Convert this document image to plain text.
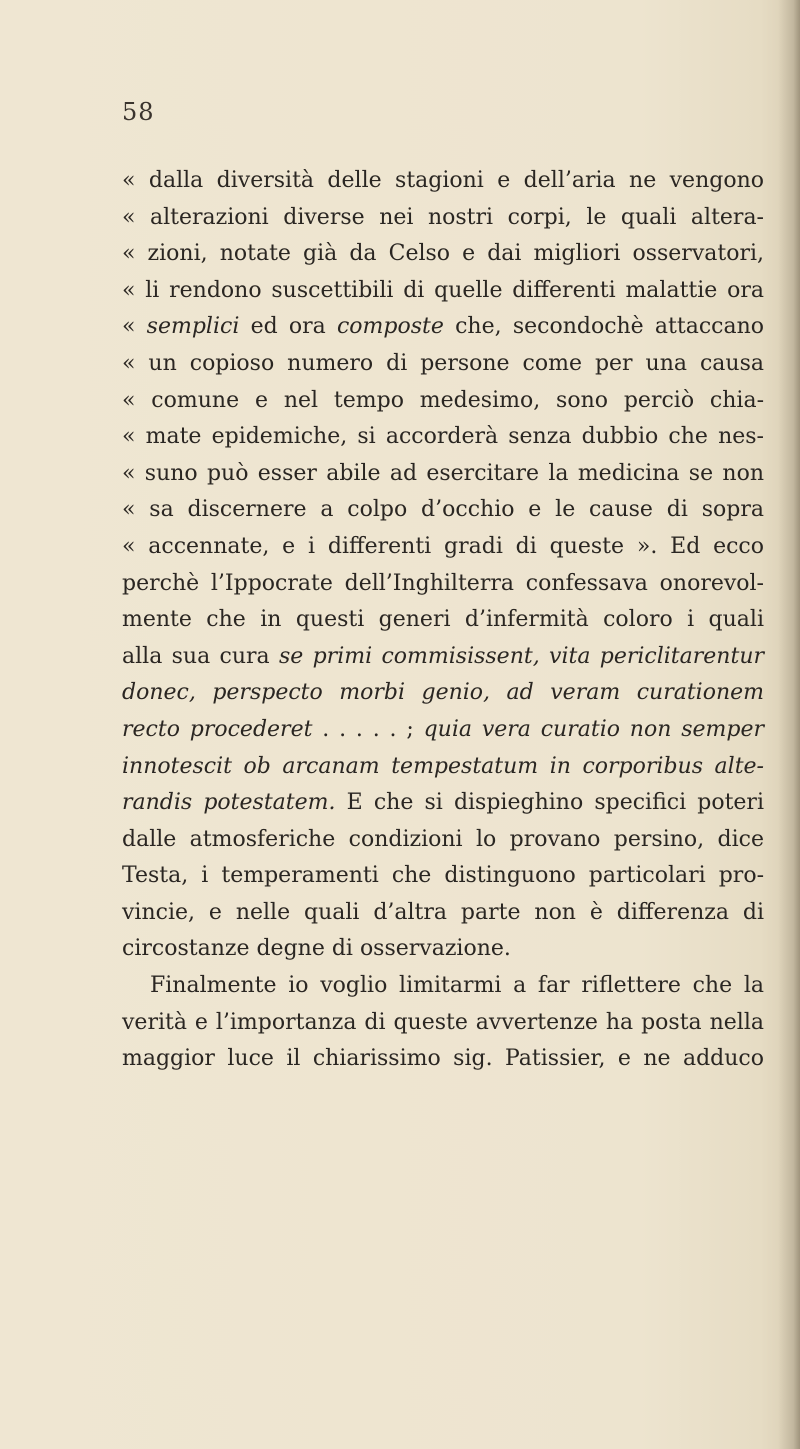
58

« dalla diversità delle stagioni e dell’aria ne vengono
« alterazioni diverse nei nostri corpi, le quali altera-
« zioni, notate già da Celso e dai migliori osservatori,
« li rendono suscettibili di quelle differenti malattie ora
« semplici ed ora composte che, secondochè attaccano
« un copioso numero di persone come per una causa
« comune e nel tempo medesimo, sono perciò chia-
« mate epidemiche, si accorderà senza dubbio che nes-
« suno può esser abile ad esercitare la medicina se non
« sa discernere a colpo d’occhio e le cause di sopra
« accennate, e i differenti gradi di queste ». Ed ecco
perchè l’Ippocrate dell’Inghilterra confessava onorevol-
mente che in questi generi d’infermità coloro i quali
alla sua cura se primi commisissent, vita periclitarentur
donec, perspecto morbi genio, ad veram curationem
recto procederet . . . . . ; quia vera curatio non semper
innotescit ob arcanam tempestatum in corporibus alte-
randis potestatem. E che si dispieghino specifici poteri
dalle atmosferiche condizioni lo provano persino, dice
Testa, i temperamenti che distinguono particolari pro-
vincie, e nelle quali d’altra parte non è differenza di
circostanze degne di osservazione.
Finalmente io voglio limitarmi a far riflettere che la
verità e l’importanza di queste avvertenze ha posta nella
maggior luce il chiarissimo sig. Patissier, e ne adduco
